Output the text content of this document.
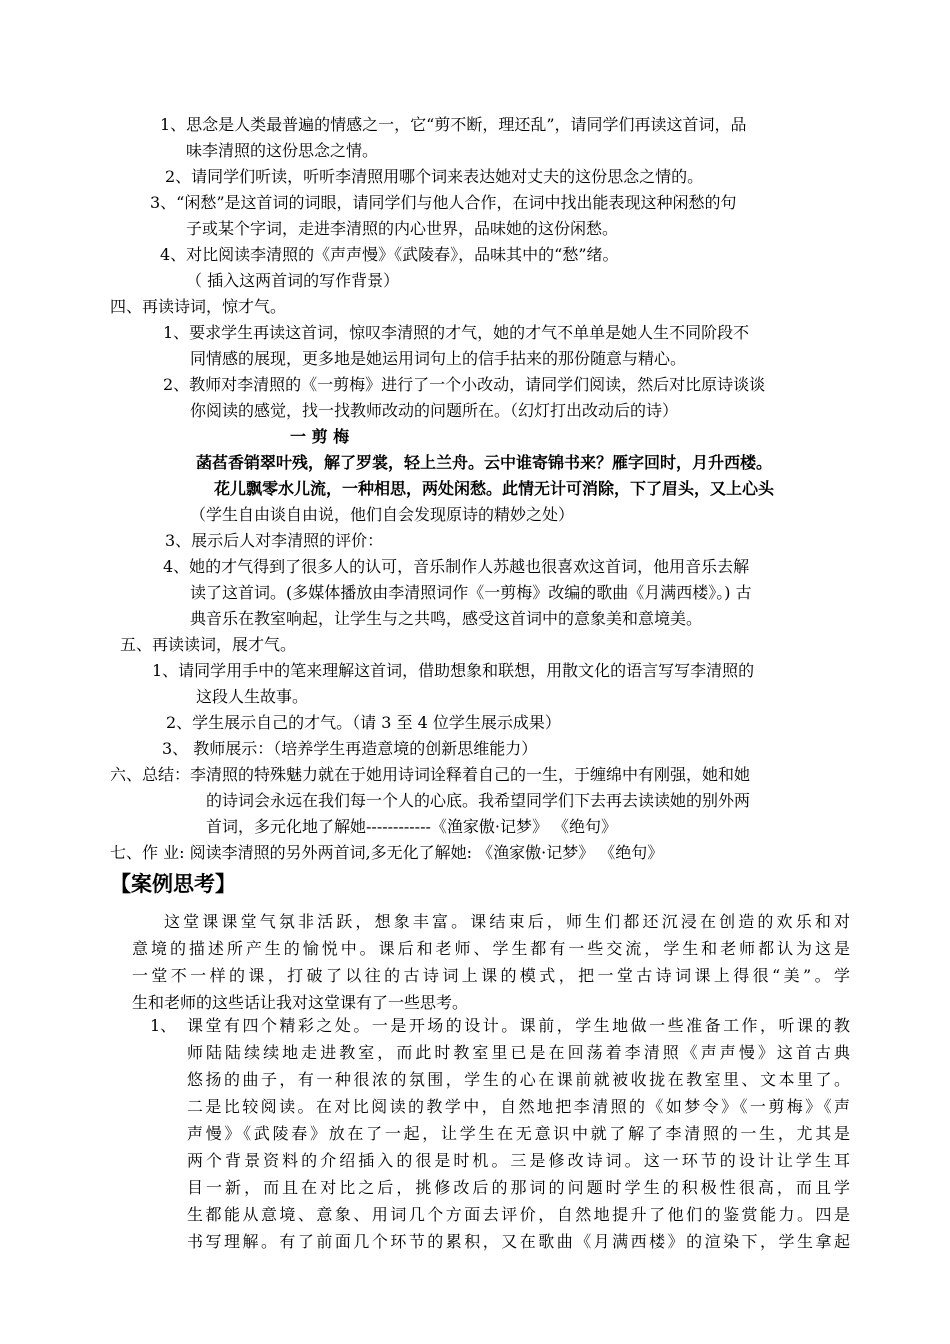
1、思念是人类最普遍的情感之一，它“剪不断，理还乱”，请同学们再读这首词，品
味李清照的这份思念之情。
2、请同学们听读，听听李清照用哪个词来表达她对丈夫的这份思念之情的。
3、“闲愁”是这首词的词眼，请同学们与他人合作，在词中找出能表现这种闲愁的句
子或某个字词，走进李清照的内心世界，品味她的这份闲愁。
4、对比阅读李清照的《声声慢》《武陵春》，品味其中的“愁”绪。
（ 插入这两首词的写作背景）
四、再读诗词，惊才气。
1、要求学生再读这首词，惊叹李清照的才气，她的才气不单单是她人生不同阶段不
同情感的展现，更多地是她运用词句上的信手拈来的那份随意与精心。
2、教师对李清照的《一剪梅》进行了一个小改动，请同学们阅读，然后对比原诗谈谈
你阅读的感觉，找一找教师改动的问题所在。（幻灯打出改动后的诗）
一 剪 梅
菡萏香销翠叶残，解了罗裳，轻上兰舟。云中谁寄锦书来？雁字回时，月升西楼。
花儿飘零水儿流，一种相思，两处闲愁。此情无计可消除，下了眉头，又上心头
（学生自由谈自由说，他们自会发现原诗的精妙之处）
3、展示后人对李清照的评价：
4、她的才气得到了很多人的认可，音乐制作人苏越也很喜欢这首词，他用音乐去解
读了这首词。(多媒体播放由李清照词作《一剪梅》改编的歌曲《月满西楼》。) 古
典音乐在教室响起，让学生与之共鸣，感受这首词中的意象美和意境美。
五、再读读词，展才气。
1、请同学用手中的笔来理解这首词，借助想象和联想，用散文化的语言写写李清照的
这段人生故事。
2、学生展示自己的才气。（请 3 至 4 位学生展示成果）
3、 教师展示：（培养学生再造意境的创新思维能力）
六、总结：李清照的特殊魅力就在于她用诗词诠释着自己的一生，于缠绵中有刚强，她和她
的诗词会永远在我们每一个人的心底。我希望同学们下去再去读读她的别外两
首词，多元化地了解她------------《渔家傲·记梦》 《绝句》
七、作 业: 阅读李清照的另外两首词,多无化了解她: 《渔家傲·记梦》 《绝句》
【案例思考】
这堂课课堂气氛非活跃，想象丰富。课结束后，师生们都还沉浸在创造的欢乐和对
意境的描述所产生的愉悦中。课后和老师、学生都有一些交流，学生和老师都认为这是
一堂不一样的课，打破了以往的古诗词上课的模式，把一堂古诗词课上得很“美”。学
生和老师的这些话让我对这堂课有了一些思考。
1、 课堂有四个精彩之处。一是开场的设计。课前，学生地做一些准备工作，听课的教
师陆陆续续地走进教室，而此时教室里已是在回荡着李清照《声声慢》这首古典
悠扬的曲子，有一种很浓的氛围，学生的心在课前就被收拢在教室里、文本里了。
二是比较阅读。在对比阅读的教学中，自然地把李清照的《如梦令》《一剪梅》《声
声慢》《武陵春》放在了一起，让学生在无意识中就了解了李清照的一生，尤其是
两个背景资料的介绍插入的很是时机。三是修改诗词。这一环节的设计让学生耳
目一新，而且在对比之后，挑修改后的那词的问题时学生的积极性很高，而且学
生都能从意境、意象、用词几个方面去评价，自然地提升了他们的鉴赏能力。四是
书写理解。有了前面几个环节的累积，又在歌曲《月满西楼》的渲染下，学生拿起
